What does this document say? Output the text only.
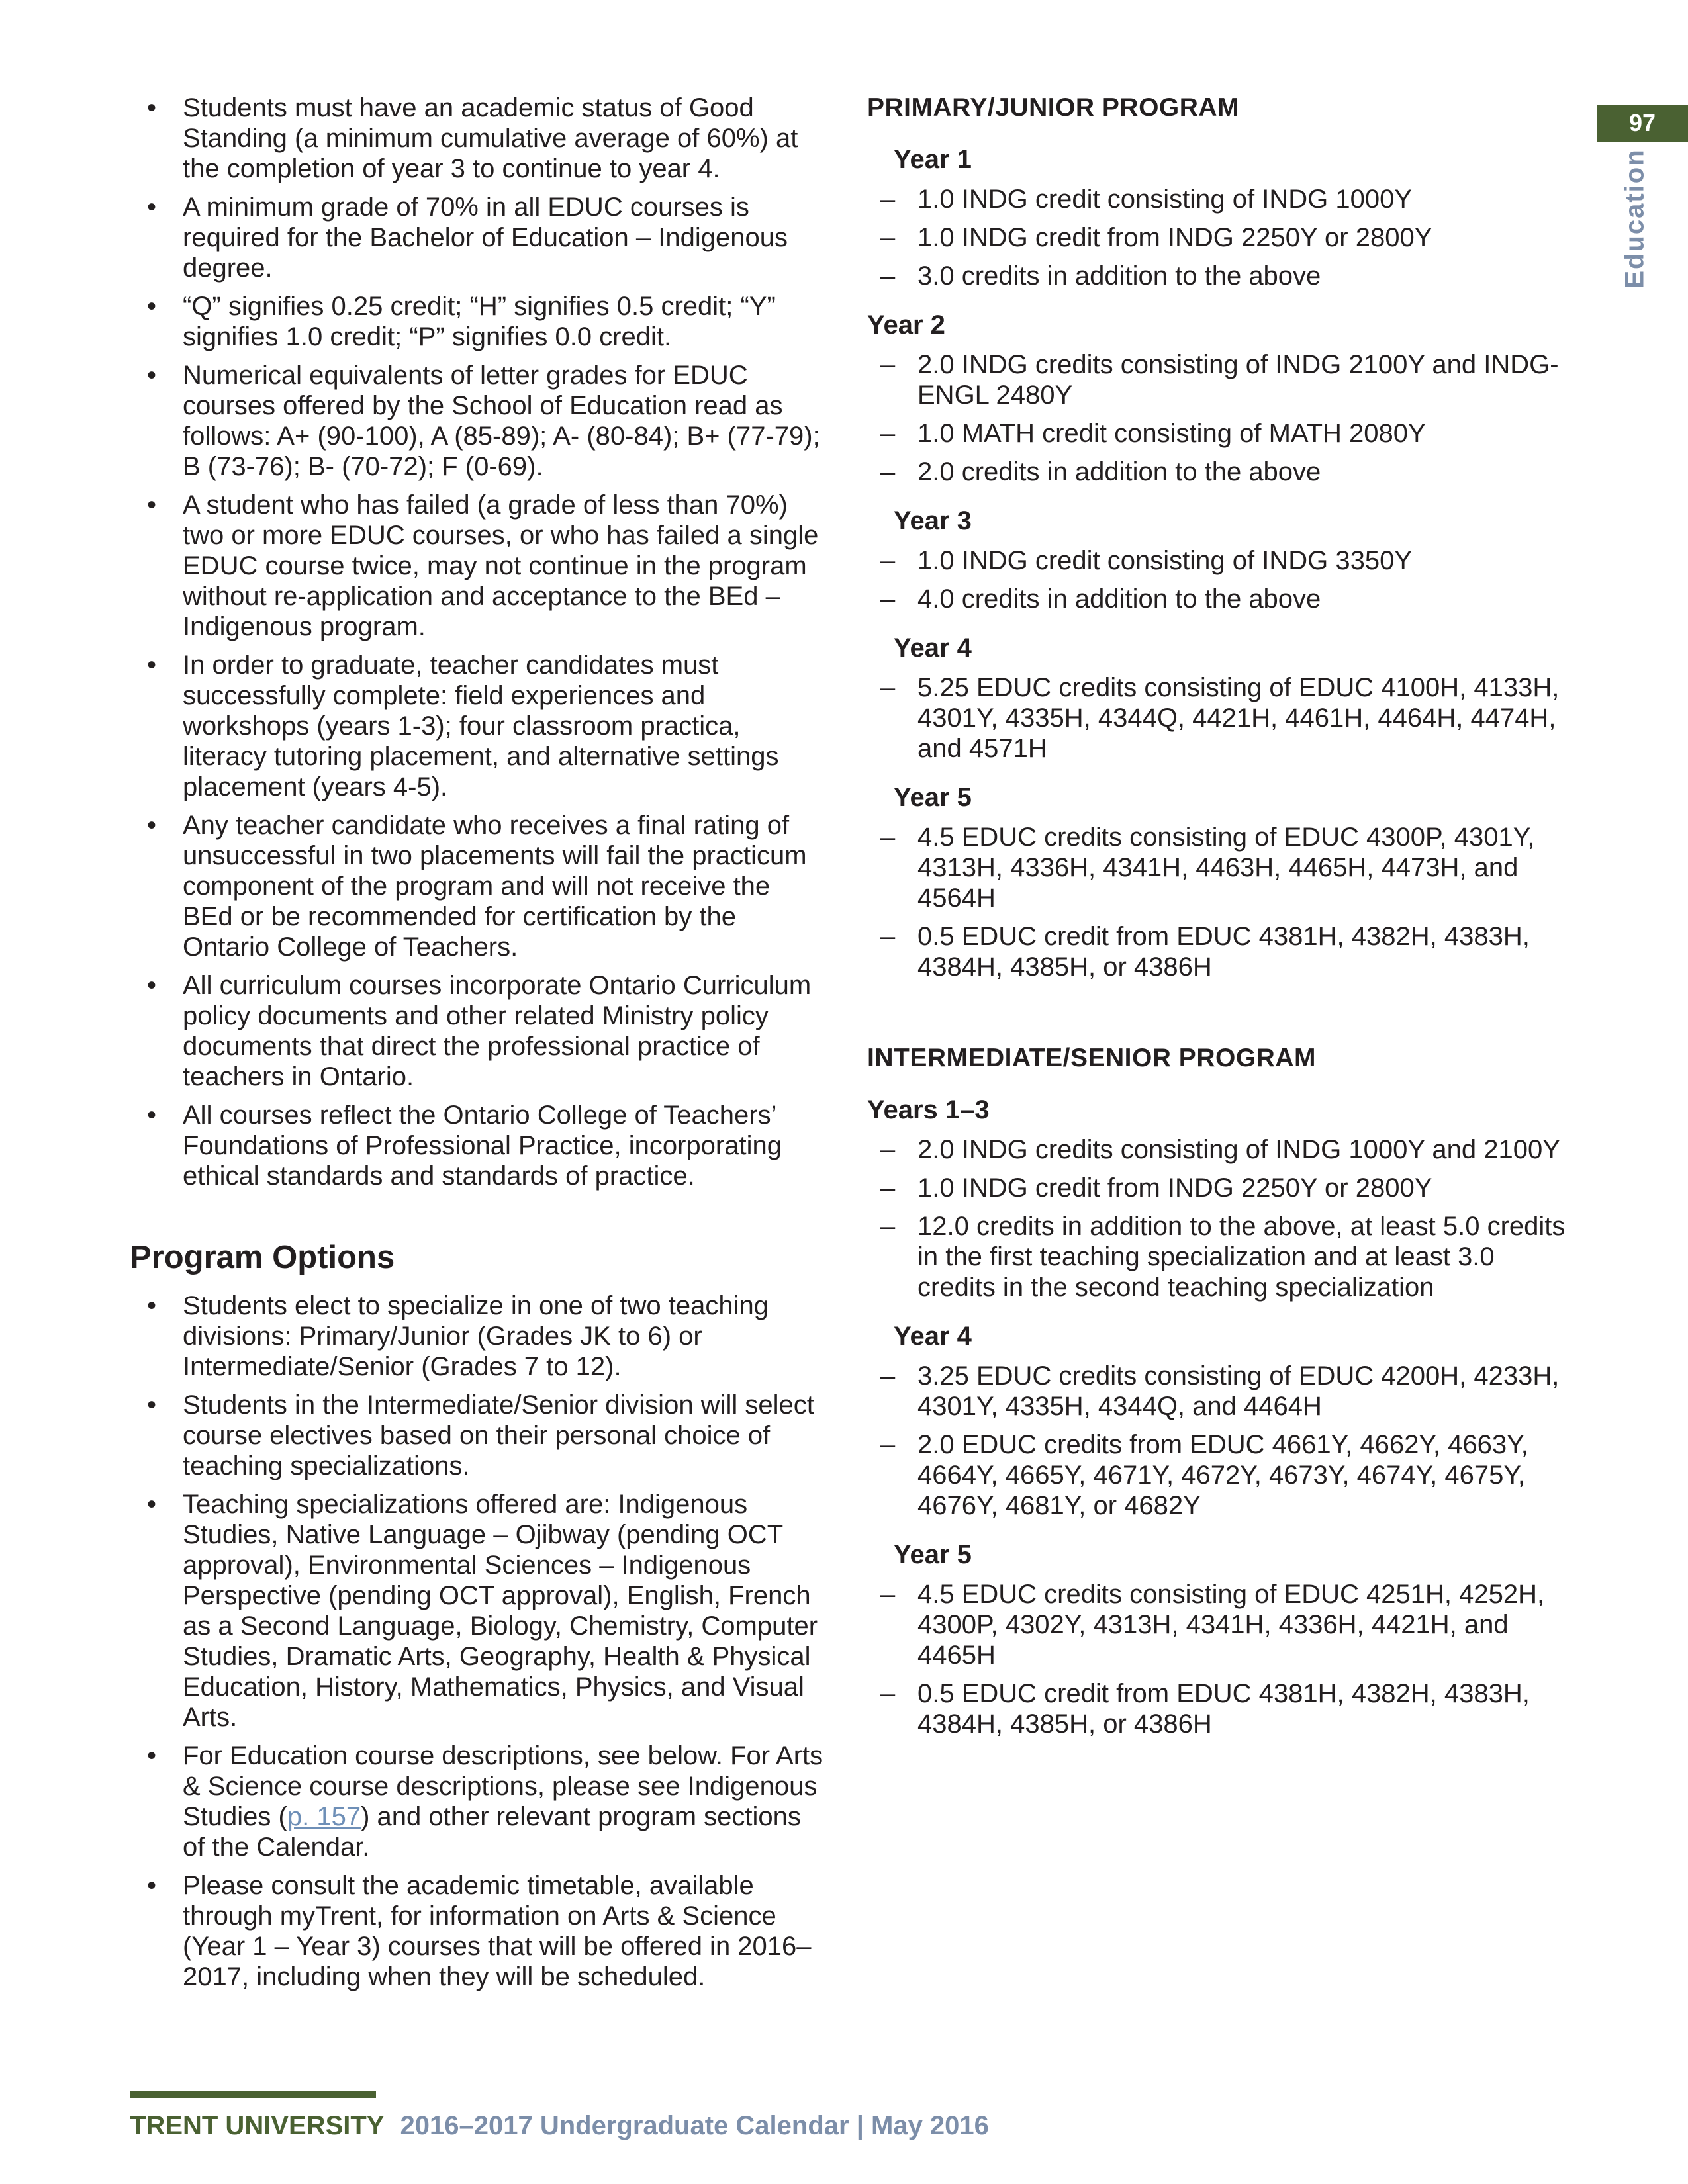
97
Education
• Students must have an academic status of Good Standing (a minimum cumulative average of 60%) at the completion of year 3 to continue to year 4.
• A minimum grade of 70% in all EDUC courses is required for the Bachelor of Education – Indigenous degree.
• “Q” signifies 0.25 credit; “H” signifies 0.5 credit; “Y” signifies 1.0 credit; “P” signifies 0.0 credit.
• Numerical equivalents of letter grades for EDUC courses offered by the School of Education read as follows: A+ (90-100), A (85-89); A- (80-84); B+ (77-79); B (73-76); B- (70-72); F (0-69).
• A student who has failed (a grade of less than 70%) two or more EDUC courses, or who has failed a single EDUC course twice, may not continue in the program without re-application and acceptance to the BEd – Indigenous program.
• In order to graduate, teacher candidates must successfully complete: field experiences and workshops (years 1-3); four classroom practica, literacy tutoring placement, and alternative settings placement (years 4-5).
• Any teacher candidate who receives a final rating of unsuccessful in two placements will fail the practicum component of the program and will not receive the BEd or be recommended for certification by the Ontario College of Teachers.
• All curriculum courses incorporate Ontario Curriculum policy documents and other related Ministry policy documents that direct the professional practice of teachers in Ontario.
• All courses reflect the Ontario College of Teachers’ Foundations of Professional Practice, incorporating ethical standards and standards of practice.
Program Options
• Students elect to specialize in one of two teaching divisions: Primary/Junior (Grades JK to 6) or Intermediate/Senior (Grades 7 to 12).
• Students in the Intermediate/Senior division will select course electives based on their personal choice of teaching specializations.
• Teaching specializations offered are: Indigenous Studies, Native Language – Ojibway (pending OCT approval), Environmental Sciences – Indigenous Perspective (pending OCT approval), English, French as a Second Language, Biology, Chemistry, Computer Studies, Dramatic Arts, Geography, Health & Physical Education, History, Mathematics, Physics, and Visual Arts.
• For Education course descriptions, see below. For Arts & Science course descriptions, please see Indigenous Studies (p. 157) and other relevant program sections of the Calendar.
• Please consult the academic timetable, available through myTrent, for information on Arts & Science (Year 1 – Year 3) courses that will be offered in 2016–2017, including when they will be scheduled.
PRIMARY/JUNIOR PROGRAM
Year 1
– 1.0 INDG credit consisting of INDG 1000Y
– 1.0 INDG credit from INDG 2250Y or 2800Y
– 3.0 credits in addition to the above
Year 2
– 2.0 INDG credits consisting of INDG 2100Y and INDG-ENGL 2480Y
– 1.0 MATH credit consisting of MATH 2080Y
– 2.0 credits in addition to the above
Year 3
– 1.0 INDG credit consisting of INDG 3350Y
– 4.0 credits in addition to the above
Year 4
– 5.25 EDUC credits consisting of EDUC 4100H, 4133H, 4301Y, 4335H, 4344Q, 4421H, 4461H, 4464H, 4474H, and 4571H
Year 5
– 4.5 EDUC credits consisting of EDUC 4300P, 4301Y, 4313H, 4336H, 4341H, 4463H, 4465H, 4473H, and 4564H
– 0.5 EDUC credit from EDUC 4381H, 4382H, 4383H, 4384H, 4385H, or 4386H
INTERMEDIATE/SENIOR PROGRAM
Years 1–3
– 2.0 INDG credits consisting of INDG 1000Y and 2100Y
– 1.0 INDG credit from INDG 2250Y or 2800Y
– 12.0 credits in addition to the above, at least 5.0 credits in the first teaching specialization and at least 3.0 credits in the second teaching specialization
Year 4
– 3.25 EDUC credits consisting of EDUC 4200H, 4233H, 4301Y, 4335H, 4344Q, and 4464H
– 2.0 EDUC credits from EDUC 4661Y, 4662Y, 4663Y, 4664Y, 4665Y, 4671Y, 4672Y, 4673Y, 4674Y, 4675Y, 4676Y, 4681Y, or 4682Y
Year 5
– 4.5 EDUC credits consisting of EDUC 4251H, 4252H, 4300P, 4302Y, 4313H, 4341H, 4336H, 4421H, and 4465H
– 0.5 EDUC credit from EDUC 4381H, 4382H, 4383H, 4384H, 4385H, or 4386H
TRENT UNIVERSITY 2016–2017 Undergraduate Calendar | May 2016
